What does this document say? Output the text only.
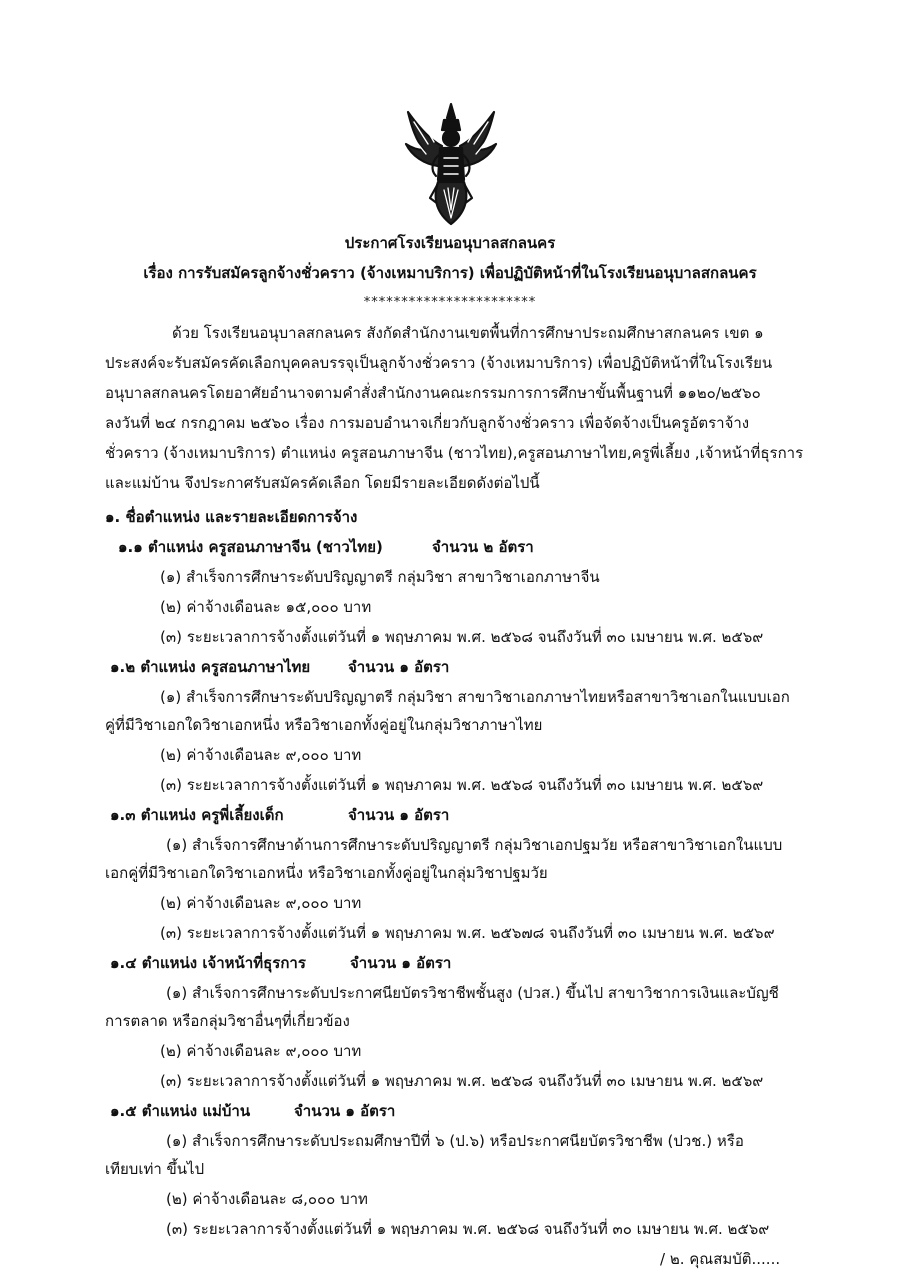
ประกาศโรงเรียนอนุบาลสกลนคร
เรื่อง การรับสมัครลูกจ้างชั่วคราว (จ้างเหมาบริการ) เพื่อปฏิบัติหน้าที่ในโรงเรียนอนุบาลสกลนคร
***********************
ด้วย โรงเรียนอนุบาลสกลนคร สังกัดสำนักงานเขตพื้นที่การศึกษาประถมศึกษาสกลนคร เขต ๑
ประสงค์จะรับสมัครคัดเลือกบุคคลบรรจุเป็นลูกจ้างชั่วคราว (จ้างเหมาบริการ) เพื่อปฏิบัติหน้าที่ในโรงเรียน
อนุบาลสกลนครโดยอาศัยอำนาจตามคำสั่งสำนักงานคณะกรรมการการศึกษาขั้นพื้นฐานที่ ๑๑๒๐/๒๕๖๐
ลงวันที่ ๒๔ กรกฎาคม ๒๕๖๐ เรื่อง การมอบอำนาจเกี่ยวกับลูกจ้างชั่วคราว เพื่อจัดจ้างเป็นครูอัตราจ้าง
ชั่วคราว (จ้างเหมาบริการ) ตำแหน่ง ครูสอนภาษาจีน (ชาวไทย),ครูสอนภาษาไทย,ครูพี่เลี้ยง ,เจ้าหน้าที่ธุรการ
และแม่บ้าน จึงประกาศรับสมัครคัดเลือก โดยมีรายละเอียดดังต่อไปนี้
๑. ชื่อตำแหน่ง และรายละเอียดการจ้าง
๑.๑ ตำแหน่ง ครูสอนภาษาจีน (ชาวไทย)	จำนวน ๒ อัตรา
(๑) สำเร็จการศึกษาระดับปริญญาตรี กลุ่มวิชา สาขาวิชาเอกภาษาจีน
(๒) ค่าจ้างเดือนละ ๑๕,๐๐๐ บาท
(๓) ระยะเวลาการจ้างตั้งแต่วันที่ ๑ พฤษภาคม พ.ศ. ๒๕๖๘ จนถึงวันที่ ๓๐ เมษายน พ.ศ. ๒๕๖๙
๑.๒ ตำแหน่ง ครูสอนภาษาไทย	จำนวน ๑ อัตรา
(๑) สำเร็จการศึกษาระดับปริญญาตรี กลุ่มวิชา สาขาวิชาเอกภาษาไทยหรือสาขาวิชาเอกในแบบเอก
คู่ที่มีวิชาเอกใดวิชาเอกหนึ่ง หรือวิชาเอกทั้งคู่อยู่ในกลุ่มวิชาภาษาไทย
(๒) ค่าจ้างเดือนละ ๙,๐๐๐ บาท
(๓) ระยะเวลาการจ้างตั้งแต่วันที่ ๑ พฤษภาคม พ.ศ. ๒๕๖๘ จนถึงวันที่ ๓๐ เมษายน พ.ศ. ๒๕๖๙
๑.๓ ตำแหน่ง ครูพี่เลี้ยงเด็ก	จำนวน ๑ อัตรา
(๑) สำเร็จการศึกษาด้านการศึกษาระดับปริญญาตรี กลุ่มวิชาเอกปฐมวัย หรือสาขาวิชาเอกในแบบ
เอกคู่ที่มีวิชาเอกใดวิชาเอกหนึ่ง หรือวิชาเอกทั้งคู่อยู่ในกลุ่มวิชาปฐมวัย
(๒) ค่าจ้างเดือนละ ๙,๐๐๐ บาท
(๓) ระยะเวลาการจ้างตั้งแต่วันที่ ๑ พฤษภาคม พ.ศ. ๒๕๖๗๘ จนถึงวันที่ ๓๐ เมษายน พ.ศ. ๒๕๖๙
๑.๔ ตำแหน่ง เจ้าหน้าที่ธุรการ	จำนวน ๑ อัตรา
(๑) สำเร็จการศึกษาระดับประกาศนียบัตรวิชาชีพชั้นสูง (ปวส.) ขึ้นไป สาขาวิชาการเงินและบัญชี
การตลาด หรือกลุ่มวิชาอื่นๆที่เกี่ยวข้อง
(๒) ค่าจ้างเดือนละ ๙,๐๐๐ บาท
(๓) ระยะเวลาการจ้างตั้งแต่วันที่ ๑ พฤษภาคม พ.ศ. ๒๕๖๘ จนถึงวันที่ ๓๐ เมษายน พ.ศ. ๒๕๖๙
๑.๕ ตำแหน่ง แม่บ้าน	จำนวน ๑ อัตรา
(๑) สำเร็จการศึกษาระดับประถมศึกษาปีที่ ๖ (ป.๖) หรือประกาศนียบัตรวิชาชีพ (ปวช.) หรือ
เทียบเท่า ขึ้นไป
(๒) ค่าจ้างเดือนละ ๘,๐๐๐ บาท
(๓) ระยะเวลาการจ้างตั้งแต่วันที่ ๑ พฤษภาคม พ.ศ. ๒๕๖๘ จนถึงวันที่ ๓๐ เมษายน พ.ศ. ๒๕๖๙
/ ๒. คุณสมบัติ......
